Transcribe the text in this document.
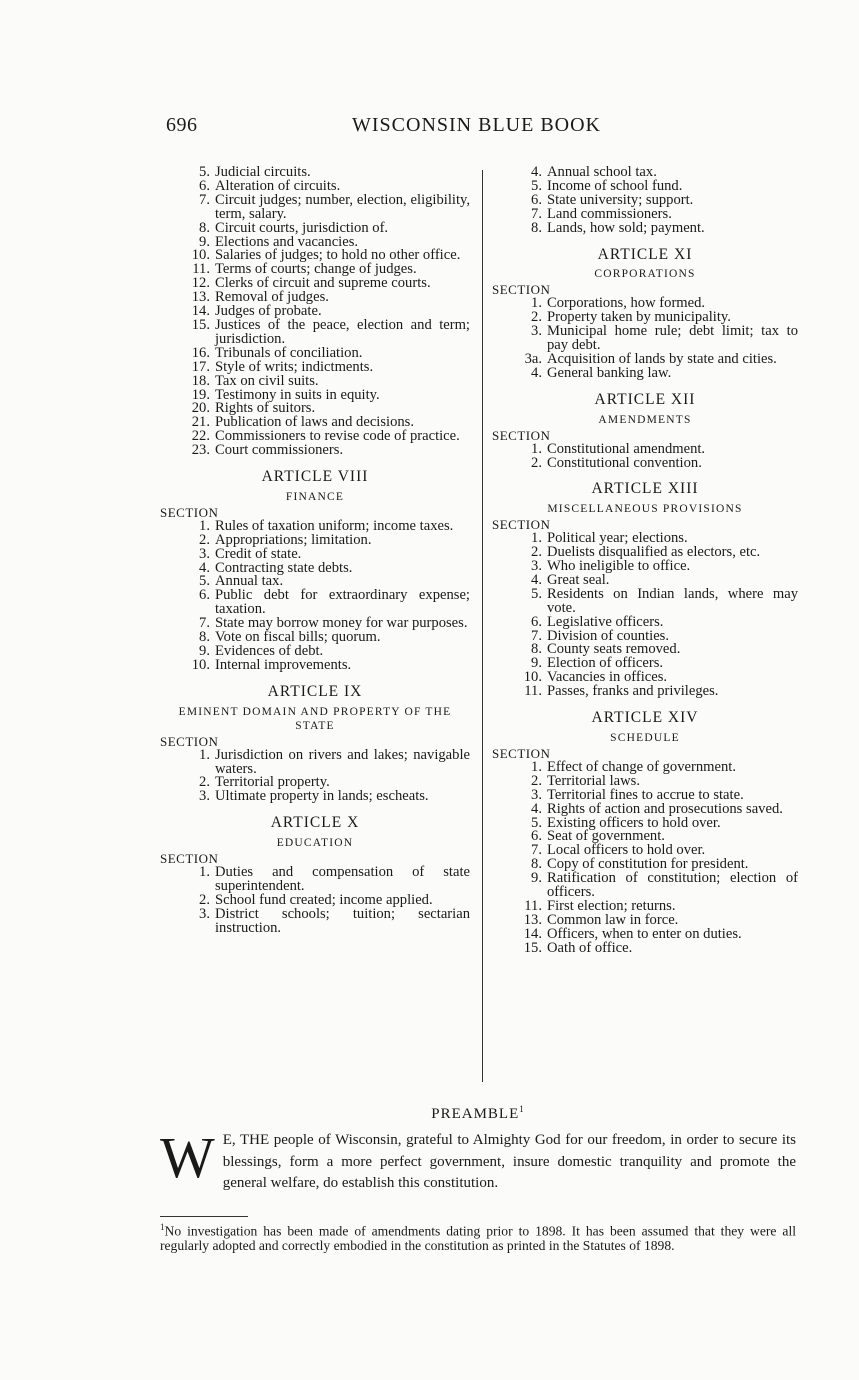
696	WISCONSIN BLUE BOOK
5. Judicial circuits.
6. Alteration of circuits.
7. Circuit judges; number, election, eligibility, term, salary.
8. Circuit courts, jurisdiction of.
9. Elections and vacancies.
10. Salaries of judges; to hold no other office.
11. Terms of courts; change of judges.
12. Clerks of circuit and supreme courts.
13. Removal of judges.
14. Judges of probate.
15. Justices of the peace, election and term; jurisdiction.
16. Tribunals of conciliation.
17. Style of writs; indictments.
18. Tax on civil suits.
19. Testimony in suits in equity.
20. Rights of suitors.
21. Publication of laws and decisions.
22. Commissioners to revise code of practice.
23. Court commissioners.
ARTICLE VIII
FINANCE
SECTION
1. Rules of taxation uniform; income taxes.
2. Appropriations; limitation.
3. Credit of state.
4. Contracting state debts.
5. Annual tax.
6. Public debt for extraordinary expense; taxation.
7. State may borrow money for war purposes.
8. Vote on fiscal bills; quorum.
9. Evidences of debt.
10. Internal improvements.
ARTICLE IX
EMINENT DOMAIN AND PROPERTY OF THE STATE
SECTION
1. Jurisdiction on rivers and lakes; navigable waters.
2. Territorial property.
3. Ultimate property in lands; escheats.
ARTICLE X
EDUCATION
SECTION
1. Duties and compensation of state superintendent.
2. School fund created; income applied.
3. District schools; tuition; sectarian instruction.
4. Annual school tax.
5. Income of school fund.
6. State university; support.
7. Land commissioners.
8. Lands, how sold; payment.
ARTICLE XI
CORPORATIONS
SECTION
1. Corporations, how formed.
2. Property taken by municipality.
3. Municipal home rule; debt limit; tax to pay debt.
3a. Acquisition of lands by state and cities.
4. General banking law.
ARTICLE XII
AMENDMENTS
SECTION
1. Constitutional amendment.
2. Constitutional convention.
ARTICLE XIII
MISCELLANEOUS PROVISIONS
SECTION
1. Political year; elections.
2. Duelists disqualified as electors, etc.
3. Who ineligible to office.
4. Great seal.
5. Residents on Indian lands, where may vote.
6. Legislative officers.
7. Division of counties.
8. County seats removed.
9. Election of officers.
10. Vacancies in offices.
11. Passes, franks and privileges.
ARTICLE XIV
SCHEDULE
SECTION
1. Effect of change of government.
2. Territorial laws.
3. Territorial fines to accrue to state.
4. Rights of action and prosecutions saved.
5. Existing officers to hold over.
6. Seat of government.
7. Local officers to hold over.
8. Copy of constitution for president.
9. Ratification of constitution; election of officers.
11. First election; returns.
13. Common law in force.
14. Officers, when to enter on duties.
15. Oath of office.
PREAMBLE$^1$
W E, THE people of Wisconsin, grateful to Almighty God for our freedom, in order to secure its blessings, form a more perfect government, insure domestic tranquility and promote the general welfare, do establish this constitution.
$^1$No investigation has been made of amendments dating prior to 1898. It has been assumed that they were all regularly adopted and correctly embodied in the constitution as printed in the Statutes of 1898.
